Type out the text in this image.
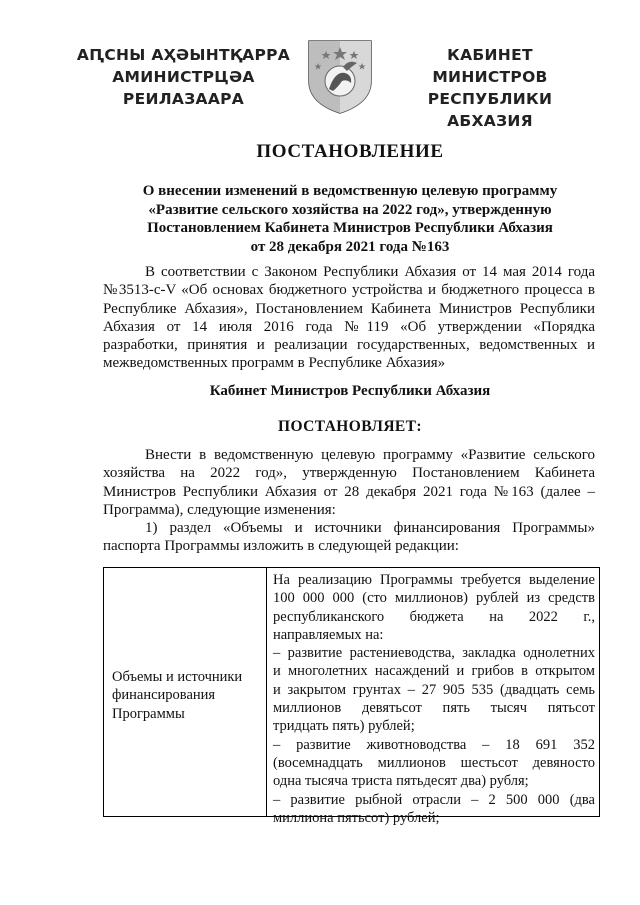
АԤСНЫ АҲӘЫНТҚАРРА
АМИНИСТРЦӘА РЕИЛАЗААРА
КАБИНЕТ МИНИСТРОВ
РЕСПУБЛИКИ АБХАЗИЯ
ПОСТАНОВЛЕНИЕ
О внесении изменений в ведомственную целевую программу
«Развитие сельского хозяйства на 2022 год», утвержденную
Постановлением Кабинета Министров Республики Абхазия
от 28 декабря 2021 года №163
В соответствии с Законом Республики Абхазия от 14 мая 2014 года
№3513-с-V «Об основах бюджетного устройства и бюджетного процесса в
Республике Абхазия», Постановлением Кабинета Министров Республики
Абхазия от 14 июля 2016 года №119 «Об утверждении «Порядка
разработки, принятия и реализации государственных, ведомственных и
межведомственных программ в Республике Абхазия»
Кабинет Министров Республики Абхазия
ПОСТАНОВЛЯЕТ:
Внести в ведомственную целевую программу «Развитие сельского
хозяйства на 2022 год», утвержденную Постановлением Кабинета
Министров Республики Абхазия от 28 декабря 2021 года №163 (далее –
Программа), следующие изменения:
1) раздел «Объемы и источники финансирования Программы»
паспорта Программы изложить в следующей редакции:
Объемы и источники
финансирования
Программы
На реализацию Программы требуется выделение
100 000 000 (сто миллионов) рублей из средств
республиканского бюджета на 2022 г.,
направляемых на:
– развитие растениеводства, закладка однолетних
и многолетних насаждений и грибов в открытом
и закрытом грунтах – 27 905 535 (двадцать семь
миллионов девятьсот пять тысяч пятьсот
тридцать пять) рублей;
– развитие животноводства – 18 691 352
(восемнадцать миллионов шестьсот девяносто
одна тысяча триста пятьдесят два) рубля;
– развитие рыбной отрасли – 2 500 000 (два
миллиона пятьсот) рублей;
